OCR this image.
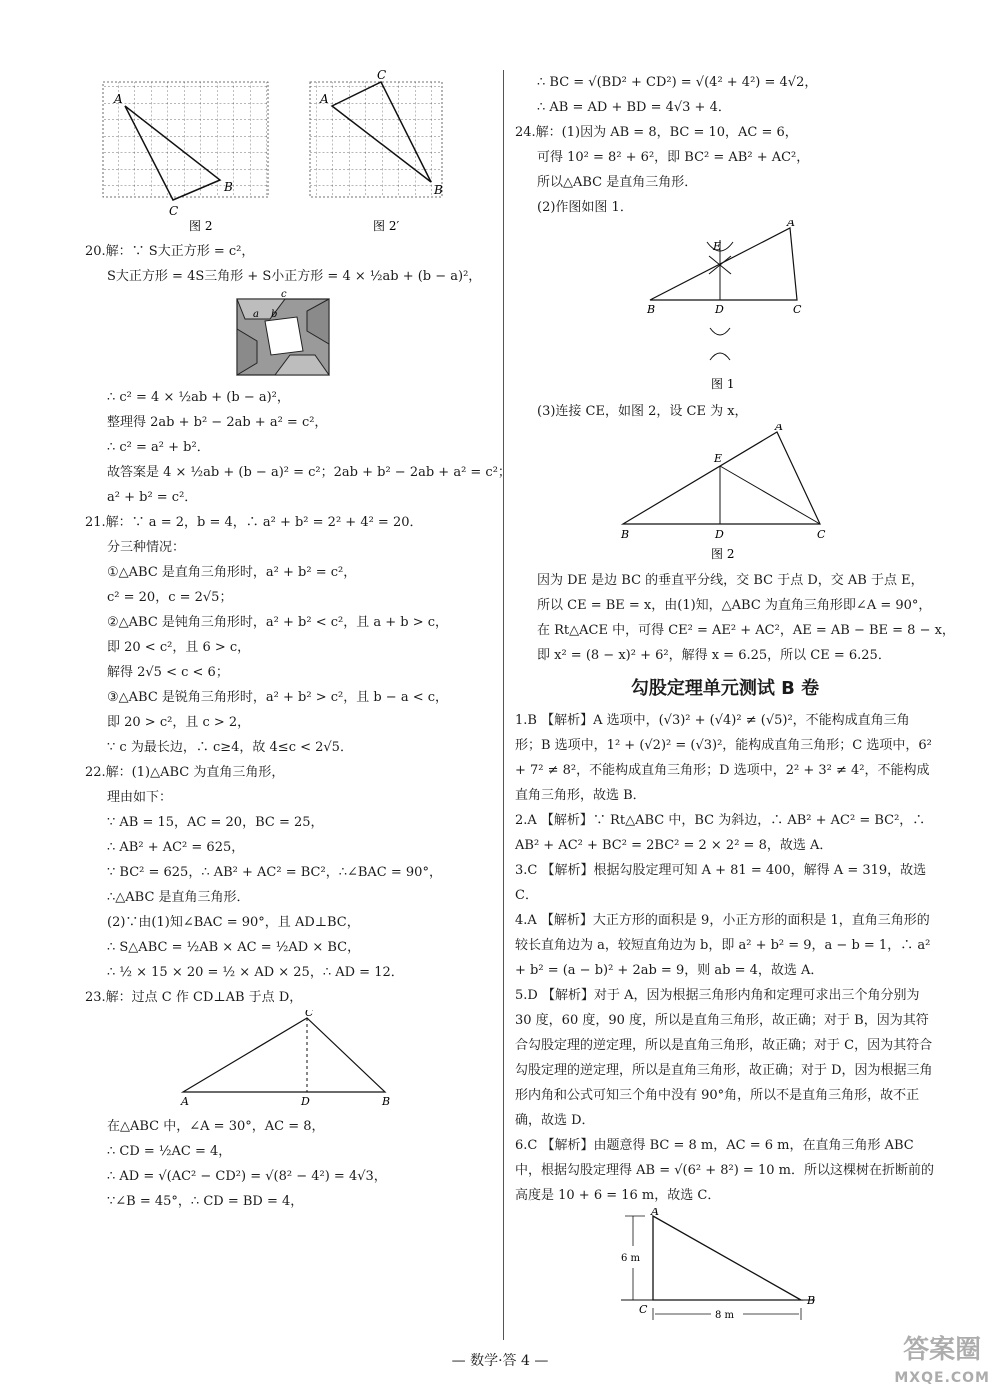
A
B
C
图 2
A
C
B
图 2′
20.解：∵ S大正方形 = c²，
S大正方形 = 4S三角形 + S小正方形 = 4 × ½ab + (b − a)²，
c
a b
∴ c² = 4 × ½ab + (b − a)²，
整理得 2ab + b² − 2ab + a² = c²，
∴ c² = a² + b²．
故答案是 4 × ½ab + (b − a)² = c²；2ab + b² − 2ab + a² = c²；
a² + b² = c²．
21.解：∵ a = 2，b = 4，∴ a² + b² = 2² + 4² = 20．
分三种情况：
①△ABC 是直角三角形时，a² + b² = c²，
c² = 20，c = 2√5；
②△ABC 是钝角三角形时，a² + b² < c²，且 a + b > c，
即 20 < c²，且 6 > c，
解得 2√5 < c < 6；
③△ABC 是锐角三角形时，a² + b² > c²，且 b − a < c，
即 20 > c²，且 c > 2，
∵ c 为最长边，∴ c≥4，故 4≤c < 2√5．
22.解：(1)△ABC 为直角三角形，
理由如下：
∵ AB = 15，AC = 20，BC = 25，
∴ AB² + AC² = 625，
∵ BC² = 625，∴ AB² + AC² = BC²，∴∠BAC = 90°，
∴△ABC 是直角三角形．
(2)∵由(1)知∠BAC = 90°，且 AD⊥BC，
∴ S△ABC = ½AB × AC = ½AD × BC，
∴ ½ × 15 × 20 = ½ × AD × 25，∴ AD = 12．
23.解：过点 C 作 CD⊥AB 于点 D，
C
A	D	B
在△ABC 中，∠A = 30°，AC = 8，
∴ CD = ½AC = 4，
∴ AD = √(AC² − CD²) = √(8² − 4²) = 4√3，
∵∠B = 45°，∴ CD = BD = 4，
∴ BC = √(BD² + CD²) = √(4² + 4²) = 4√2，
∴ AB = AD + BD = 4√3 + 4．
24.解：(1)因为 AB = 8，BC = 10，AC = 6，
可得 10² = 8² + 6²，即 BC² = AB² + AC²，
所以△ABC 是直角三角形．
(2)作图如图 1．
E
A
B	D	C
图 1
(3)连接 CE，如图 2，设 CE 为 x，
E
A
B	D	C
图 2
因为 DE 是边 BC 的垂直平分线，交 BC 于点 D，交 AB 于点 E，
所以 CE = BE = x，由(1)知，△ABC 为直角三角形即∠A = 90°，
在 Rt△ACE 中，可得 CE² = AE² + AC²，AE = AB − BE = 8 − x，
即 x² = (8 − x)² + 6²，解得 x = 6.25，所以 CE = 6.25．
勾股定理单元测试 B 卷
1.B 【解析】A 选项中，(√3)² + (√4)² ≠ (√5)²，不能构成直角三角形；B 选项中，1² + (√2)² = (√3)²，能构成直角三角形；C 选项中，6² + 7² ≠ 8²，不能构成直角三角形；D 选项中，2² + 3² ≠ 4²，不能构成直角三角形，故选 B．
2.A 【解析】∵ Rt△ABC 中，BC 为斜边，∴ AB² + AC² = BC²，∴ AB² + AC² + BC² = 2BC² = 2 × 2² = 8，故选 A．
3.C 【解析】根据勾股定理可知 A + 81 = 400，解得 A = 319，故选 C．
4.A 【解析】大正方形的面积是 9，小正方形的面积是 1，直角三角形的较长直角边为 a，较短直角边为 b，即 a² + b² = 9，a − b = 1，∴ a² + b² = (a − b)² + 2ab = 9，则 ab = 4，故选 A．
5.D 【解析】对于 A，因为根据三角形内角和定理可求出三个角分别为 30 度，60 度，90 度，所以是直角三角形，故正确；对于 B，因为其符合勾股定理的逆定理，所以是直角三角形，故正确；对于 C，因为其符合勾股定理的逆定理，所以是直角三角形，故正确；对于 D，因为根据三角形内角和公式可知三个角中没有 90°角，所以不是直角三角形，故不正确，故选 D．
6.C 【解析】由题意得 BC = 8 m，AC = 6 m，在直角三角形 ABC 中，根据勾股定理得 AB = √(6² + 8²) = 10 m．所以这棵树在折断前的高度是 10 + 6 = 16 m，故选 C．
A
C
B
6 m
8 m
— 数学·答 4 —	答案圈
MXQE.COM
